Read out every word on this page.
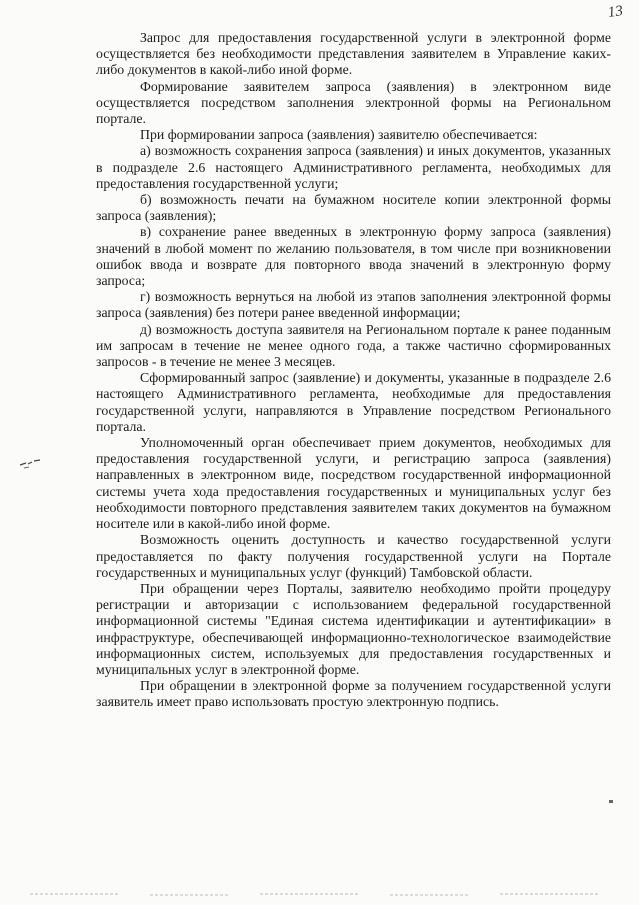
13

Запрос для предоставления государственной услуги в электронной форме осуществляется без необходимости представления заявителем в Управление каких-либо документов в какой-либо иной форме.

Формирование заявителем запроса (заявления) в электронном виде осуществляется посредством заполнения электронной формы на Региональном портале.

При формировании запроса (заявления) заявителю обеспечивается:

а) возможность сохранения запроса (заявления) и иных документов, указанных в подразделе 2.6 настоящего Административного регламента, необходимых для предоставления государственной услуги;

б) возможность печати на бумажном носителе копии электронной формы запроса (заявления);

в) сохранение ранее введенных в электронную форму запроса (заявления) значений в любой момент по желанию пользователя, в том числе при возникновении ошибок ввода и возврате для повторного ввода значений в электронную форму запроса;

г) возможность вернуться на любой из этапов заполнения электронной формы запроса (заявления) без потери ранее введенной информации;

д) возможность доступа заявителя на Региональном портале к ранее поданным им запросам в течение не менее одного года, а также частично сформированных запросов - в течение не менее 3 месяцев.

Сформированный запрос (заявление) и документы, указанные в подразделе 2.6 настоящего Административного регламента, необходимые для предоставления государственной услуги, направляются в Управление посредством Регионального портала.

Уполномоченный орган обеспечивает прием документов, необходимых для предоставления государственной услуги, и регистрацию запроса (заявления) направленных в электронном виде, посредством государственной информационной системы учета хода предоставления государственных и муниципальных услуг без необходимости повторного представления заявителем таких документов на бумажном носителе или в какой-либо иной форме.

Возможность оценить доступность и качество государственной услуги предоставляется по факту получения государственной услуги на Портале государственных и муниципальных услуг (функций) Тамбовской области.

При обращении через Порталы, заявителю необходимо пройти процедуру регистрации и авторизации с использованием федеральной государственной информационной системы "Единая система идентификации и аутентификации» в инфраструктуре, обеспечивающей информационно-технологическое взаимодействие информационных систем, используемых для предоставления государственных и муниципальных услуг в электронной форме.

При обращении в электронной форме за получением государственной услуги заявитель имеет право использовать простую электронную подпись.
